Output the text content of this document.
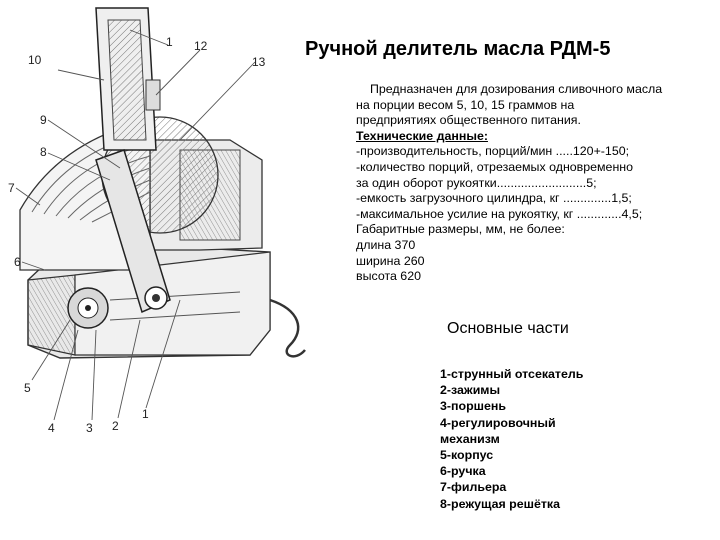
10
1 12
13
9
8
7
6
5
4	3 2
1
Ручной делитель масла РДМ-5
Предназначен для дозирования сливочного масла
на порции весом 5, 10, 15 граммов на
предприятиях общественного питания.
Технические данные:
-производительность, порций/мин .....120+-150;
-количество порций, отрезаемых одновременно
за один оборот рукоятки..........................5;
-емкость загрузочного цилиндра, кг ..............1,5;
-максимальное усилие на рукоятку, кг .............4,5;
Габаритные размеры, мм, не более:
длина 370
ширина 260
высота 620
Основные части
1-струнный отсекатель
2-зажимы
3-поршень
4-регулировочный
механизм
5-корпус
6-ручка
7-фильера
8-режущая решётка
